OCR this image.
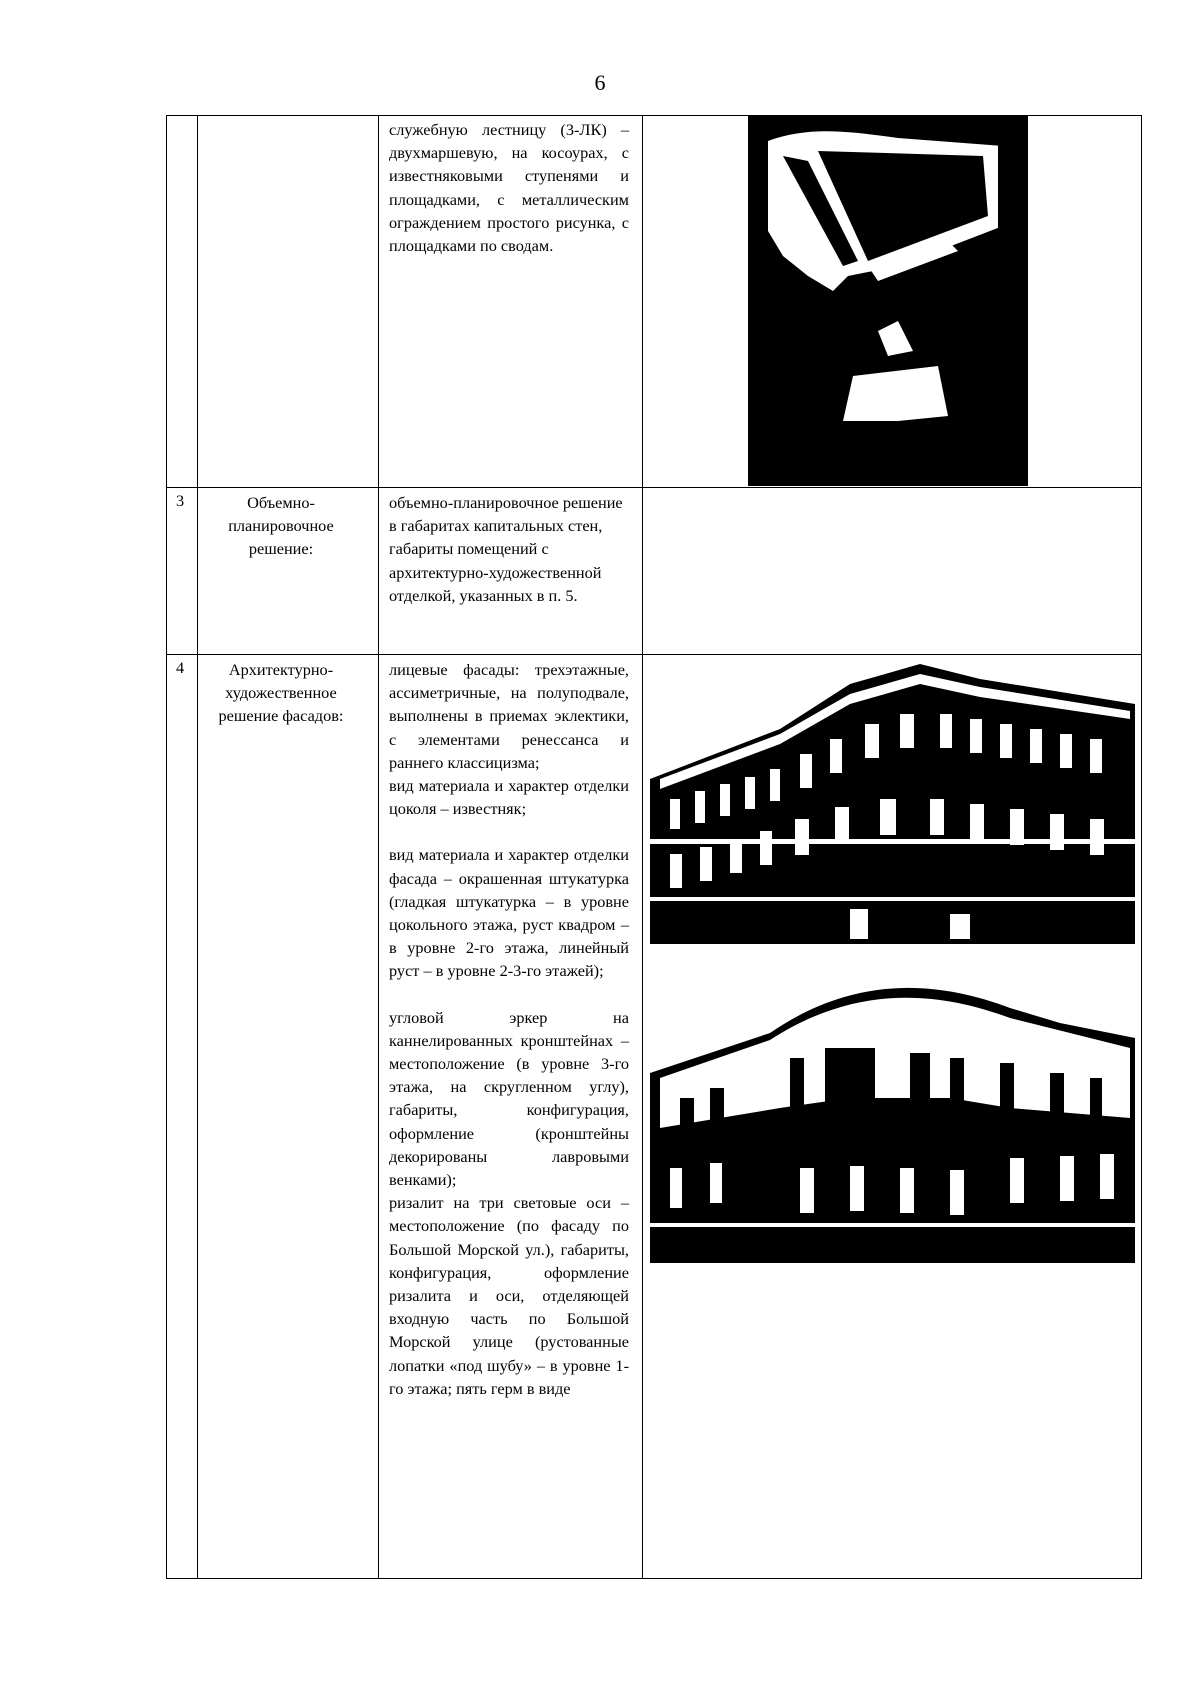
6

служебную лестницу (3-ЛК) – двухмаршевую, на косоурах, с известняковыми ступенями и площадками, с металлическим ограждением простого рисунка, с площадками по сводам.

3	Объемно-планировочное решение:

объемно-планировочное решение в габаритах капитальных стен, габариты помещений с архитектурно-художественной отделкой, указанных в п. 5.

4	Архитектурно-художественное решение фасадов:

лицевые фасады: трехэтажные, ассиметричные, на полуподвале, выполнены в приемах эклектики, с элементами ренессанса и раннего классицизма;

вид материала и характер отделки цоколя – известняк;

вид материала и характер отделки фасада – окрашенная штукатурка (гладкая штукатурка – в уровне цокольного этажа, руст квадром – в уровне 2-го этажа, линейный руст – в уровне 2-3-го этажей);

угловой эркер на каннелированных кронштейнах – местоположение (в уровне 3-го этажа, на скругленном углу), габариты, конфигурация, оформление (кронштейны декорированы лавровыми венками);

ризалит на три световые оси – местоположение (по фасаду по Большой Морской ул.), габариты, конфигурация, оформление ризалита и оси, отделяющей входную часть по Большой Морской улице (рустованные лопатки «под шубу» – в уровне 1-го этажа; пять герм в виде
